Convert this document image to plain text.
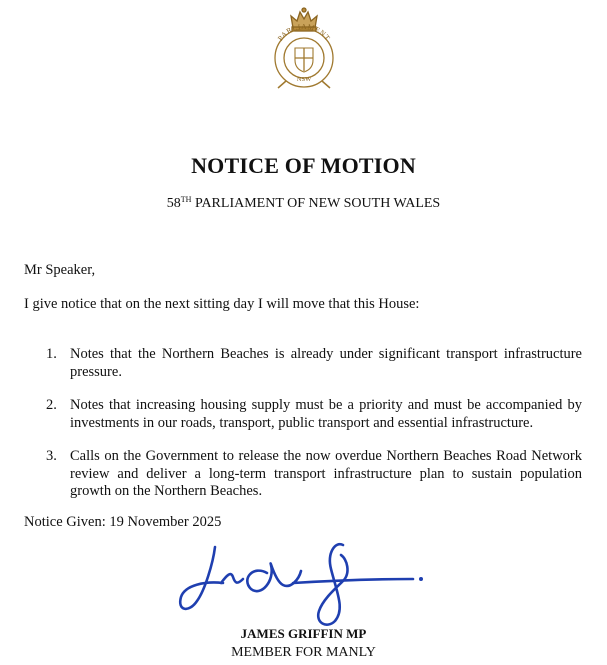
PARLIAMENT
NSW
NOTICE OF MOTION
58TH PARLIAMENT OF NEW SOUTH WALES
Mr Speaker,
I give notice that on the next sitting day I will move that this House:
1. Notes that the Northern Beaches is already under significant transport infrastructure pressure.
2. Notes that increasing housing supply must be a priority and must be accompanied by investments in our roads, transport, public transport and essential infrastructure.
3. Calls on the Government to release the now overdue Northern Beaches Road Network review and deliver a long-term transport infrastructure plan to sustain population growth on the Northern Beaches.
Notice Given: 19 November 2025
JAMES GRIFFIN MP
MEMBER FOR MANLY
